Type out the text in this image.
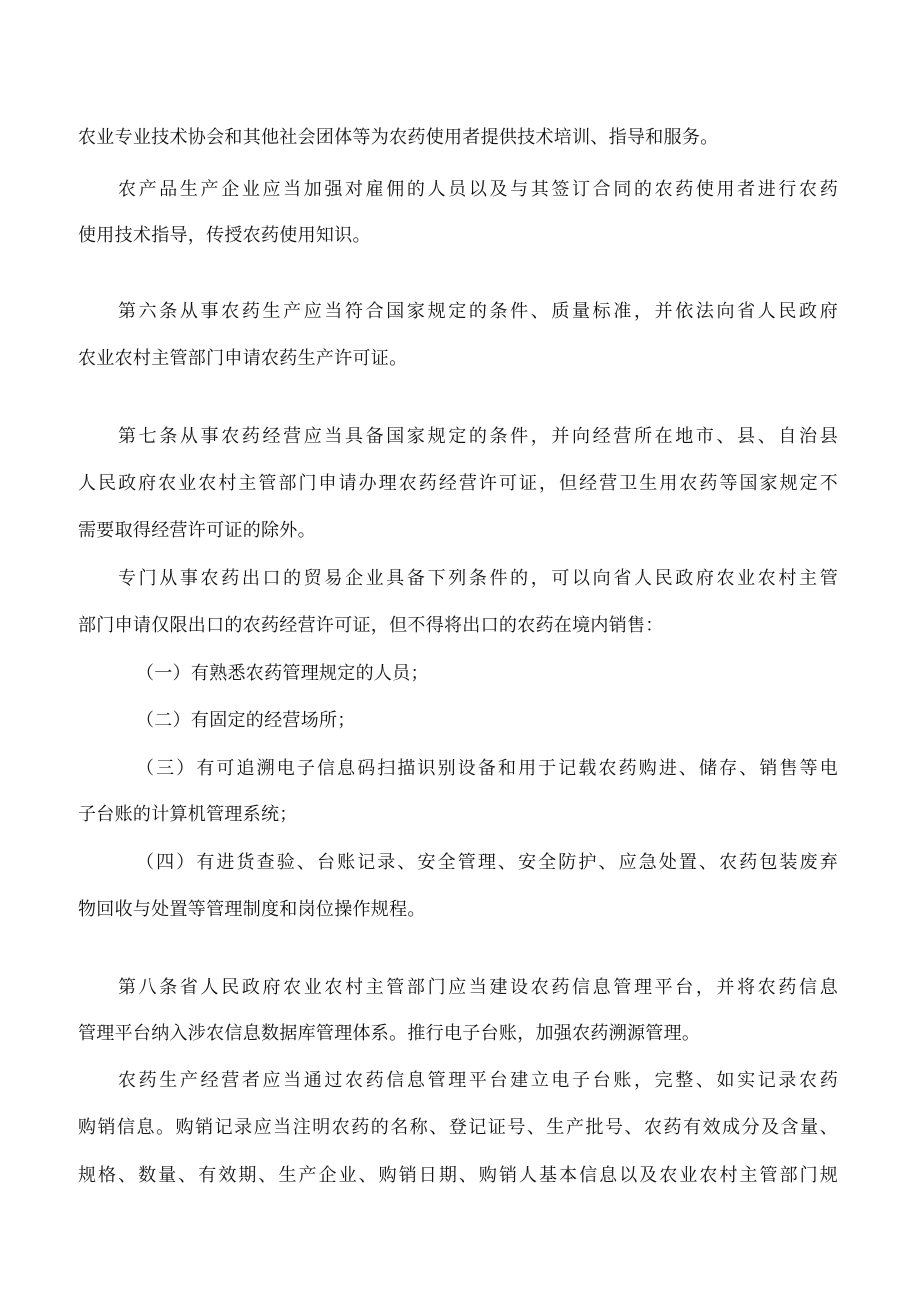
农业专业技术协会和其他社会团体等为农药使用者提供技术培训、指导和服务。
农产品生产企业应当加强对雇佣的人员以及与其签订合同的农药使用者进行农药
使用技术指导，传授农药使用知识。
第六条从事农药生产应当符合国家规定的条件、质量标准，并依法向省人民政府
农业农村主管部门申请农药生产许可证。
第七条从事农药经营应当具备国家规定的条件，并向经营所在地市、县、自治县
人民政府农业农村主管部门申请办理农药经营许可证，但经营卫生用农药等国家规定不
需要取得经营许可证的除外。
专门从事农药出口的贸易企业具备下列条件的，可以向省人民政府农业农村主管
部门申请仅限出口的农药经营许可证，但不得将出口的农药在境内销售：
（一）有熟悉农药管理规定的人员；
（二）有固定的经营场所；
（三）有可追溯电子信息码扫描识别设备和用于记载农药购进、储存、销售等电
子台账的计算机管理系统；
（四）有进货查验、台账记录、安全管理、安全防护、应急处置、农药包装废弃
物回收与处置等管理制度和岗位操作规程。
第八条省人民政府农业农村主管部门应当建设农药信息管理平台，并将农药信息
管理平台纳入涉农信息数据库管理体系。推行电子台账，加强农药溯源管理。
农药生产经营者应当通过农药信息管理平台建立电子台账，完整、如实记录农药
购销信息。购销记录应当注明农药的名称、登记证号、生产批号、农药有效成分及含量、
规格、数量、有效期、生产企业、购销日期、购销人基本信息以及农业农村主管部门规
